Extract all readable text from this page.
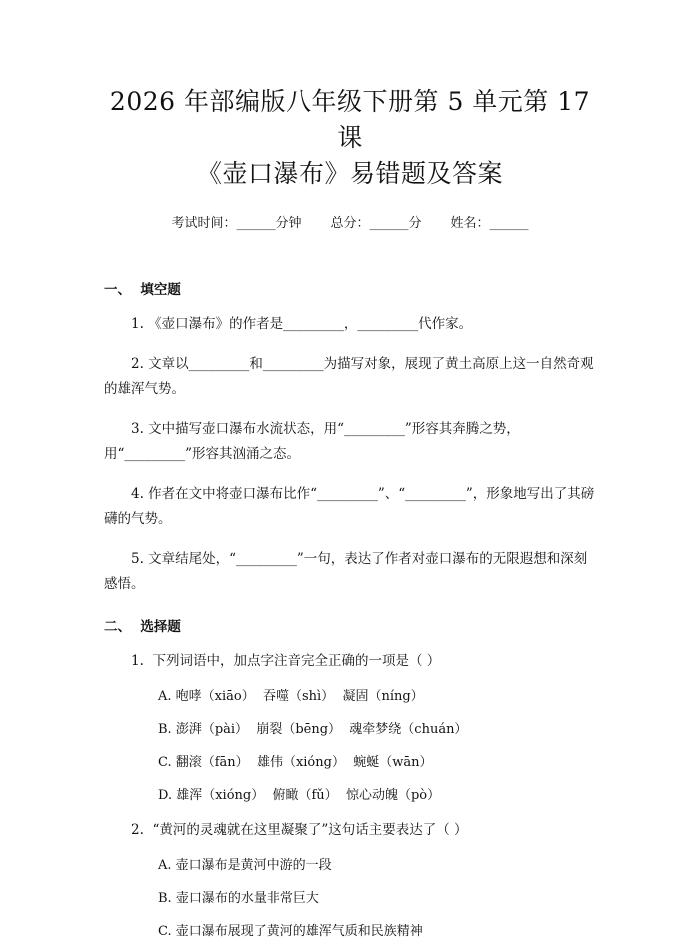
2026 年部编版八年级下册第 5 单元第 17 课
《壶口瀑布》易错题及答案
考试时间：______分钟 总分：______分 姓名：______

一、  填空题

1. 《壶口瀑布》的作者是_________，_________代作家。

2. 文章以_________和_________为描写对象，展现了黄土高原上这一自然奇观的雄浑气势。

3. 文中描写壶口瀑布水流状态，用“_________”形容其奔腾之势，用“_________”形容其汹涌之态。

4. 作者在文中将壶口瀑布比作“_________”、“_________”，形象地写出了其磅礴的气势。

5. 文章结尾处，“_________”一句，表达了作者对壶口瀑布的无限遐想和深刻感悟。

二、  选择题

1.  下列词语中，加点字注音完全正确的一项是（ ）

A. 咆哮（xiāo）  吞噬（shì）  凝固（níng）
B. 澎湃（pài）  崩裂（bēng）  魂牵梦绕（chuán）
C. 翻滚（fān）  雄伟（xióng）  蜿蜒（wān）
D. 雄浑（xióng）  俯瞰（fǔ）  惊心动魄（pò）

2.  “黄河的灵魂就在这里凝聚了”这句话主要表达了（ ）

A. 壶口瀑布是黄河中游的一段
B. 壶口瀑布的水量非常巨大
C. 壶口瀑布展现了黄河的雄浑气质和民族精神
